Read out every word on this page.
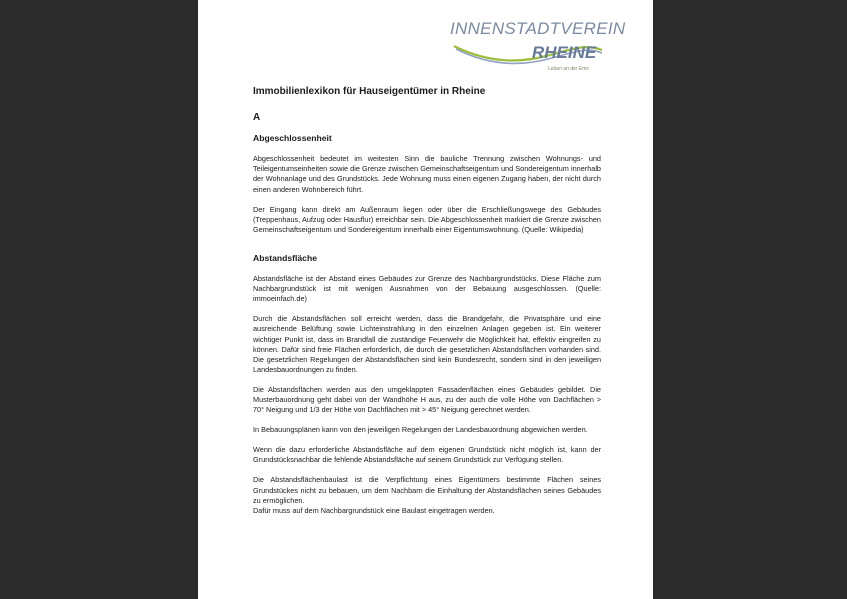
INNENSTADTVEREIN
RHEINE
Leben an der Ems
Immobilienlexikon für Hauseigentümer in Rheine
A
Abgeschlossenheit

Abgeschlossenheit bedeutet im weitesten Sinn die bauliche Trennung zwischen Wohnungs- und Teileigentumseinheiten sowie die Grenze zwischen Gemeinschaftseigentum und Sondereigentum innerhalb der Wohnanlage und des Grundstücks. Jede Wohnung muss einen eigenen Zugang haben, der nicht durch einen anderen Wohnbereich führt.

Der Eingang kann direkt am Außenraum liegen oder über die Erschließungswege des Gebäudes (Treppenhaus, Aufzug oder Hausflur) erreichbar sein. Die Abgeschlossenheit markiert die Grenze zwischen Gemeinschaftseigentum und Sondereigentum innerhalb einer Eigentumswohnung. (Quelle: Wikipedia)

Abstandsfläche

Abstandsfläche ist der Abstand eines Gebäudes zur Grenze des Nachbargrundstücks. Diese Fläche zum Nachbargrundstück ist mit wenigen Ausnahmen von der Bebauung ausgeschlossen. (Quelle: immoeinfach.de)

Durch die Abstandsflächen soll erreicht werden, dass die Brandgefahr, die Privatsphäre und eine ausreichende Belüftung sowie Lichteinstrahlung in den einzelnen Anlagen gegeben ist. Ein weiterer wichtiger Punkt ist, dass im Brandfall die zuständige Feuerwehr die Möglichkeit hat, effektiv eingreifen zu können. Dafür sind freie Flächen erforderlich, die durch die gesetzlichen Abstandsflächen vorhanden sind. Die gesetzlichen Regelungen der Abstandsflächen sind kein Bundesrecht, sondern sind in den jeweiligen Landesbauordnungen zu finden.

Die Abstandsflächen werden aus den umgeklappten Fassadenflächen eines Gebäudes gebildet. Die Musterbauordnung geht dabei von der Wandhöhe H aus, zu der auch die volle Höhe von Dachflächen > 70° Neigung und 1/3 der Höhe von Dachflächen mit > 45° Neigung gerechnet werden.

In Bebauungsplänen kann von den jeweiligen Regelungen der Landesbauordnung abgewichen werden.

Wenn die dazu erforderliche Abstandsfläche auf dem eigenen Grundstück nicht möglich ist, kann der Grundstücksnachbar die fehlende Abstandsfläche auf seinem Grundstück zur Verfügung stellen.

Die Abstandsflächenbaulast ist die Verpflichtung eines Eigentümers bestimmte Flächen seines Grundstückes nicht zu bebauen, um dem Nachbarn die Einhaltung der Abstandsflächen seines Gebäudes zu ermöglichen.

Dafür muss auf dem Nachbargrundstück eine Baulast eingetragen werden.
